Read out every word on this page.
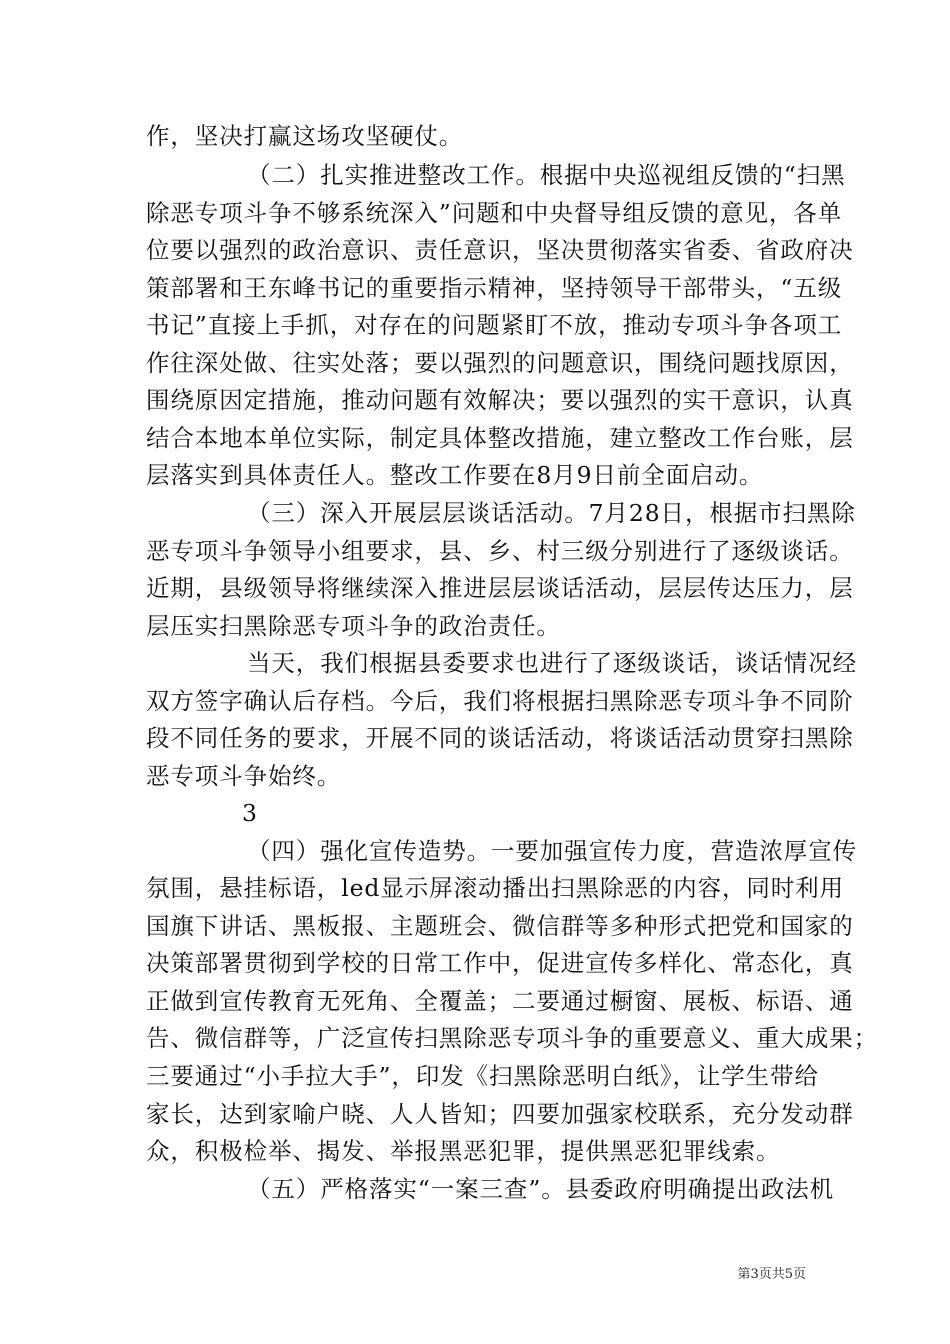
作，坚决打赢这场攻坚硬仗。
（二）扎实推进整改工作。根据中央巡视组反馈的“扫黑
除恶专项斗争不够系统深入”问题和中央督导组反馈的意见，各单
位要以强烈的政治意识、责任意识，坚决贯彻落实省委、省政府决
策部署和王东峰书记的重要指示精神，坚持领导干部带头，“五级
书记”直接上手抓，对存在的问题紧盯不放，推动专项斗争各项工
作往深处做、往实处落；要以强烈的问题意识，围绕问题找原因，
围绕原因定措施，推动问题有效解决；要以强烈的实干意识，认真
结合本地本单位实际，制定具体整改措施，建立整改工作台账，层
层落实到具体责任人。整改工作要在8月9日前全面启动。
（三）深入开展层层谈话活动。7月28日，根据市扫黑除
恶专项斗争领导小组要求，县、乡、村三级分别进行了逐级谈话。
近期，县级领导将继续深入推进层层谈话活动，层层传达压力，层
层压实扫黑除恶专项斗争的政治责任。
当天，我们根据县委要求也进行了逐级谈话，谈话情况经
双方签字确认后存档。今后，我们将根据扫黑除恶专项斗争不同阶
段不同任务的要求，开展不同的谈话活动，将谈话活动贯穿扫黑除
恶专项斗争始终。
3
（四）强化宣传造势。一要加强宣传力度，营造浓厚宣传
氛围，悬挂标语，led显示屏滚动播出扫黑除恶的内容，同时利用
国旗下讲话、黑板报、主题班会、微信群等多种形式把党和国家的
决策部署贯彻到学校的日常工作中，促进宣传多样化、常态化，真
正做到宣传教育无死角、全覆盖；二要通过橱窗、展板、标语、通
告、微信群等，广泛宣传扫黑除恶专项斗争的重要意义、重大成果；
三要通过“小手拉大手”，印发《扫黑除恶明白纸》，让学生带给
家长，达到家喻户晓、人人皆知；四要加强家校联系，充分发动群
众，积极检举、揭发、举报黑恶犯罪，提供黑恶犯罪线索。
（五）严格落实“一案三查”。县委政府明确提出政法机
第3页共5页
